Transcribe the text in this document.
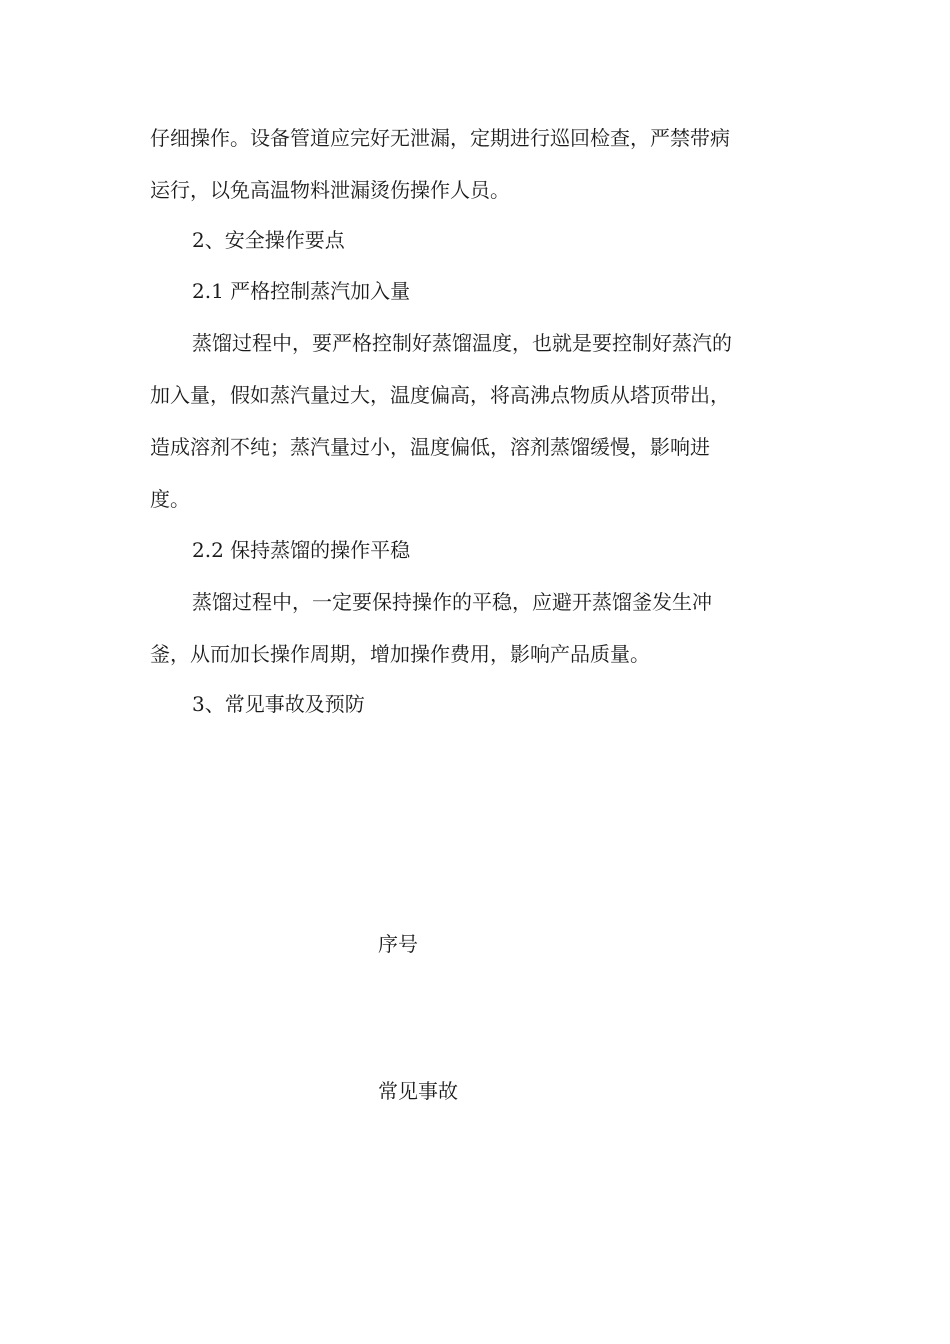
仔细操作。设备管道应完好无泄漏，定期进行巡回检查，严禁带病
运行，以免高温物料泄漏烫伤操作人员。
2、安全操作要点
2.1 严格控制蒸汽加入量
蒸馏过程中，要严格控制好蒸馏温度，也就是要控制好蒸汽的
加入量，假如蒸汽量过大，温度偏高，将高沸点物质从塔顶带出，
造成溶剂不纯；蒸汽量过小，温度偏低，溶剂蒸馏缓慢，影响进
度。
2.2 保持蒸馏的操作平稳
蒸馏过程中，一定要保持操作的平稳，应避开蒸馏釜发生冲
釜，从而加长操作周期，增加操作费用，影响产品质量。
3、常见事故及预防
序号
常见事故
